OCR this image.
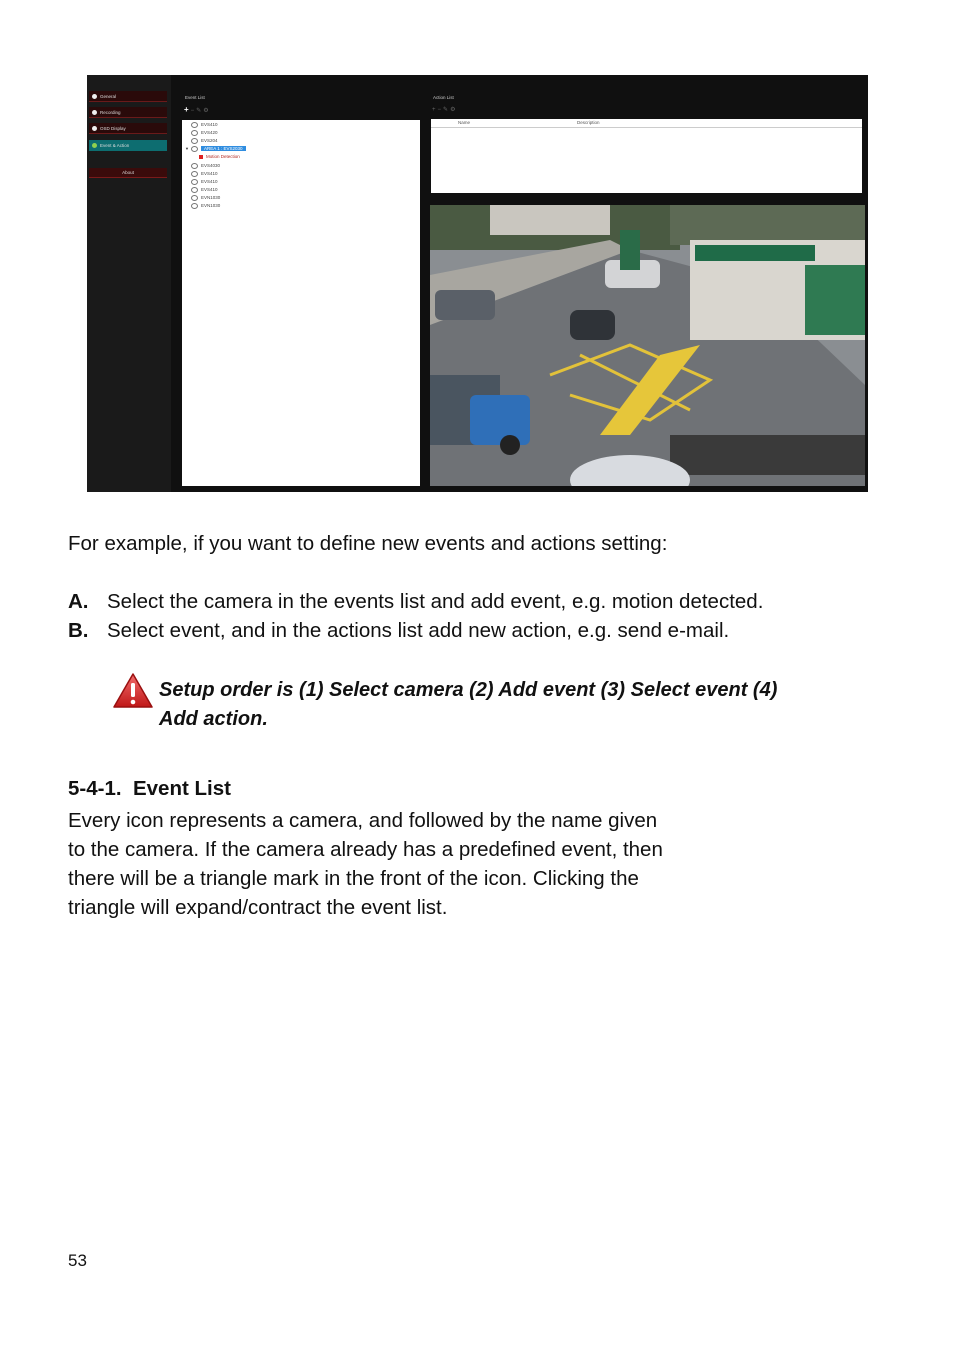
General
Recording
OSD Display
Event & Action
About
Event List
+−✎⚙
EVS410
EVS420
EVS204
▼	AREA 1 : EVS2030
Motion Detection
EVS4030
EVS410
EVS410
EVS410
EVN1030
EVN1030
Action List
+−✎⚙
Name	Description
For example, if you want to define new events and actions setting:
A. Select the camera in the events list and add event, e.g. motion detected.
B. Select event, and in the actions list add new action, e.g. send e-mail.
Setup order is (1) Select camera (2) Add event (3) Select event (4)
Add action.
5-4-1. Event List
Every icon represents a camera, and followed by the name given
to the camera. If the camera already has a predefined event, then
there will be a triangle mark in the front of the icon. Clicking the
triangle will expand/contract the event list.
53
